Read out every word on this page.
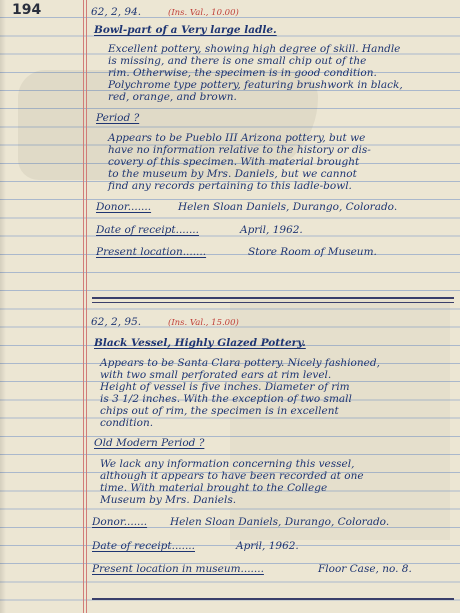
194	62, 2, 94.	(Ins. Val., 10.00)
Bowl-part of a Very large ladle.
Excellent pottery, showing high degree of skill. Handle
is missing, and there is one small chip out of the
rim. Otherwise, the specimen is in good condition.
Polychrome type pottery, featuring brushwork in black,
red, orange, and brown.
Period ?
Appears to be Pueblo III Arizona pottery, but we
have no information relative to the history or dis-
covery of this specimen. With material brought
to the museum by Mrs. Daniels, but we cannot
find any records pertaining to this ladle-bowl.
Donor.......	Helen Sloan Daniels, Durango, Colorado.
Date of receipt.......	April, 1962.
Present location.......	Store Room of Museum.
62, 2, 95.	(Ins. Val., 15.00)
Black Vessel, Highly Glazed Pottery.
Appears to be Santa Clara pottery. Nicely fashioned,
with two small perforated ears at rim level.
Height of vessel is five inches. Diameter of rim
is 3 1/2 inches. With the exception of two small
chips out of rim, the specimen is in excellent
condition.
Old Modern Period ?
We lack any information concerning this vessel,
although it appears to have been recorded at one
time. With material brought to the College
Museum by Mrs. Daniels.
Donor....... Helen Sloan Daniels, Durango, Colorado.
Date of receipt.......	April, 1962.
Present location in museum.......	Floor Case, no. 8.
